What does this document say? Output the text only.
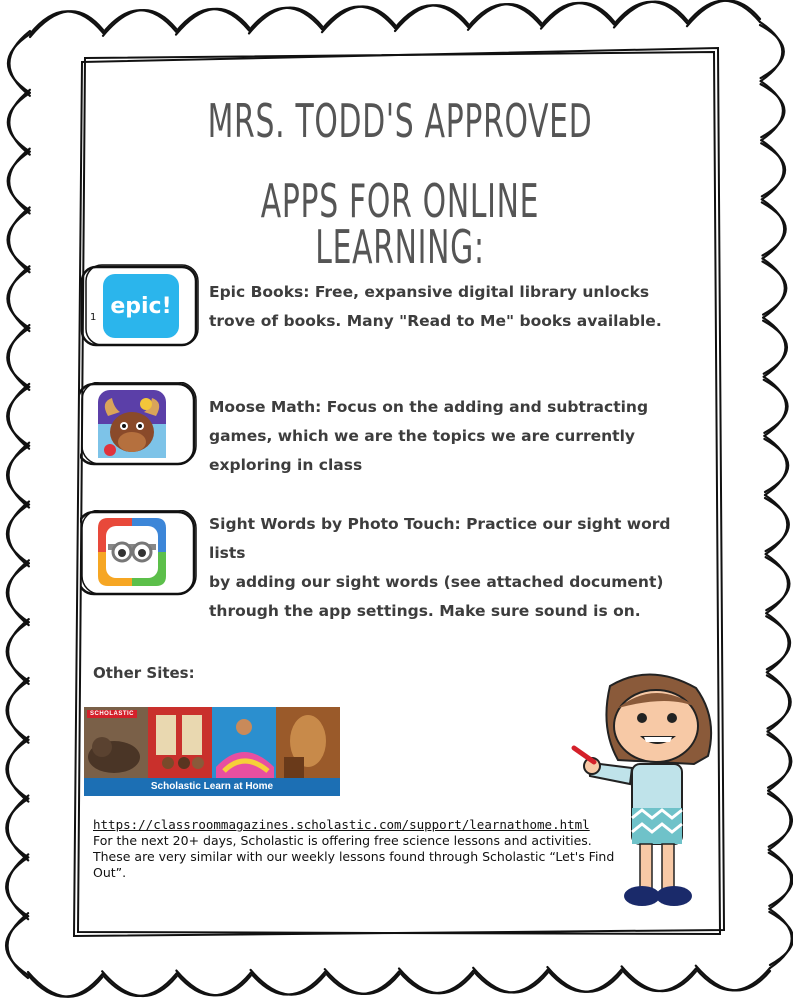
MRS. TODD'S APPROVED
APPS FOR ONLINE LEARNING:
epic!
1
Epic Books: Free, expansive digital library unlocks
trove of books. Many "Read to Me" books available.
Moose Math: Focus on the adding and subtracting
games, which we are the topics we are currently
exploring in class
Sight Words by Photo Touch: Practice our sight word lists
by adding our sight words (see attached document)
through the app settings. Make sure sound is on.
Other Sites:
SCHOLASTIC
Scholastic Learn at Home
https://classroommagazines.scholastic.com/support/learnathome.html
For the next 20+ days, Scholastic is offering free science lessons and activities. These are very similar with our weekly lessons found through Scholastic “Let's Find Out”.
